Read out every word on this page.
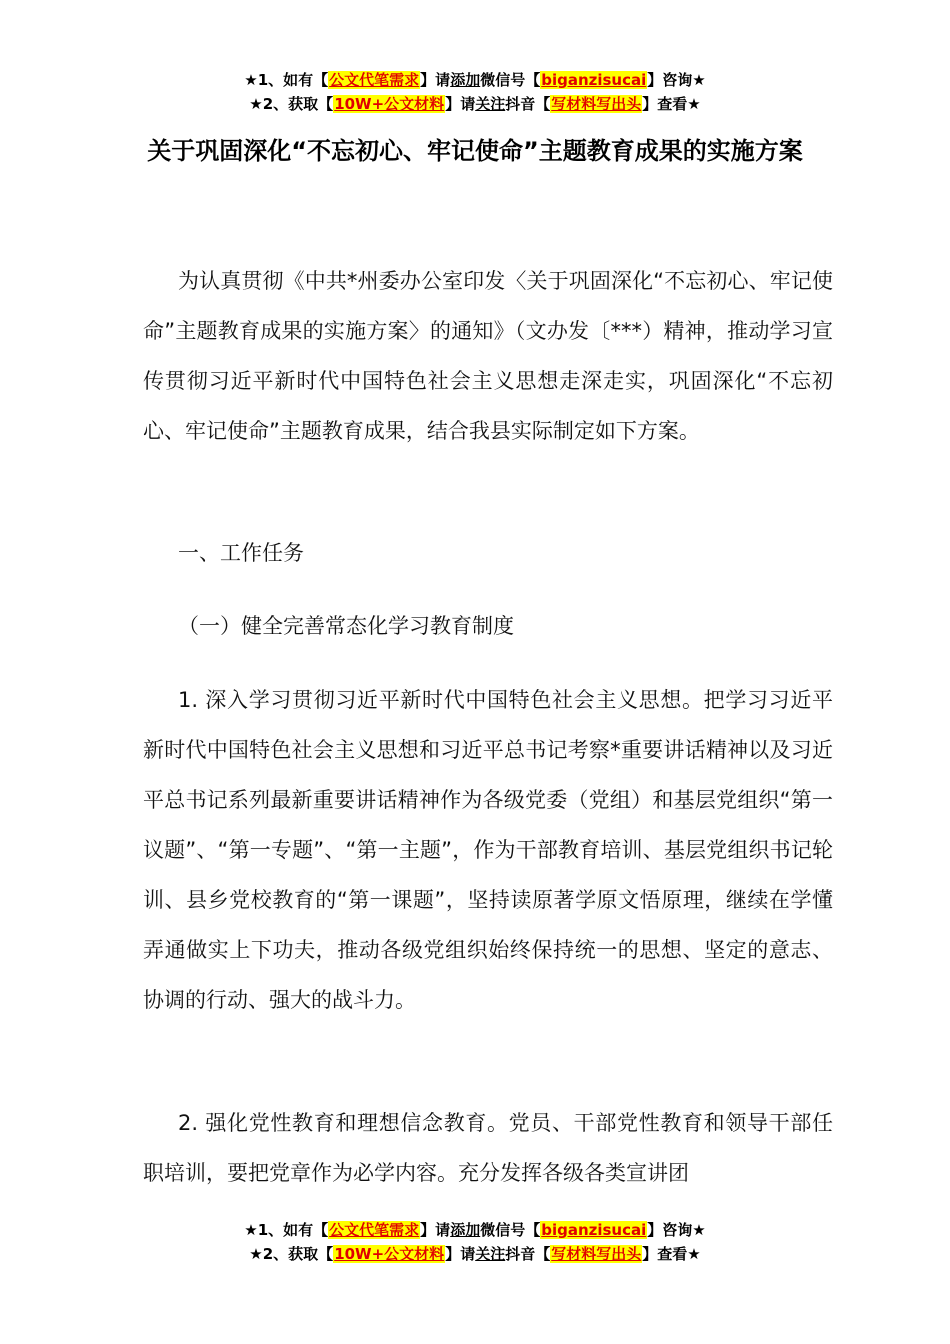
★1、如有【公文代笔需求】请添加微信号【biganzisucai】咨询★
★2、获取【10W+公文材料】请关注抖音【写材料写出头】查看★
关于巩固深化“不忘初心、牢记使命”主题教育成果的实施方案
为认真贯彻《中共*州委办公室印发〈关于巩固深化“不忘初心、牢记使命”主题教育成果的实施方案〉的通知》（文办发〔***）精神，推动学习宣传贯彻习近平新时代中国特色社会主义思想走深走实，巩固深化“不忘初心、牢记使命”主题教育成果，结合我县实际制定如下方案。
一、工作任务
（一）健全完善常态化学习教育制度
1. 深入学习贯彻习近平新时代中国特色社会主义思想。把学习习近平新时代中国特色社会主义思想和习近平总书记考察*重要讲话精神以及习近平总书记系列最新重要讲话精神作为各级党委（党组）和基层党组织“第一议题”、“第一专题”、“第一主题”，作为干部教育培训、基层党组织书记轮训、县乡党校教育的“第一课题”，坚持读原著学原文悟原理，继续在学懂弄通做实上下功夫，推动各级党组织始终保持统一的思想、坚定的意志、协调的行动、强大的战斗力。
2. 强化党性教育和理想信念教育。党员、干部党性教育和领导干部任职培训，要把党章作为必学内容。充分发挥各级各类宣讲团
★1、如有【公文代笔需求】请添加微信号【biganzisucai】咨询★
★2、获取【10W+公文材料】请关注抖音【写材料写出头】查看★
